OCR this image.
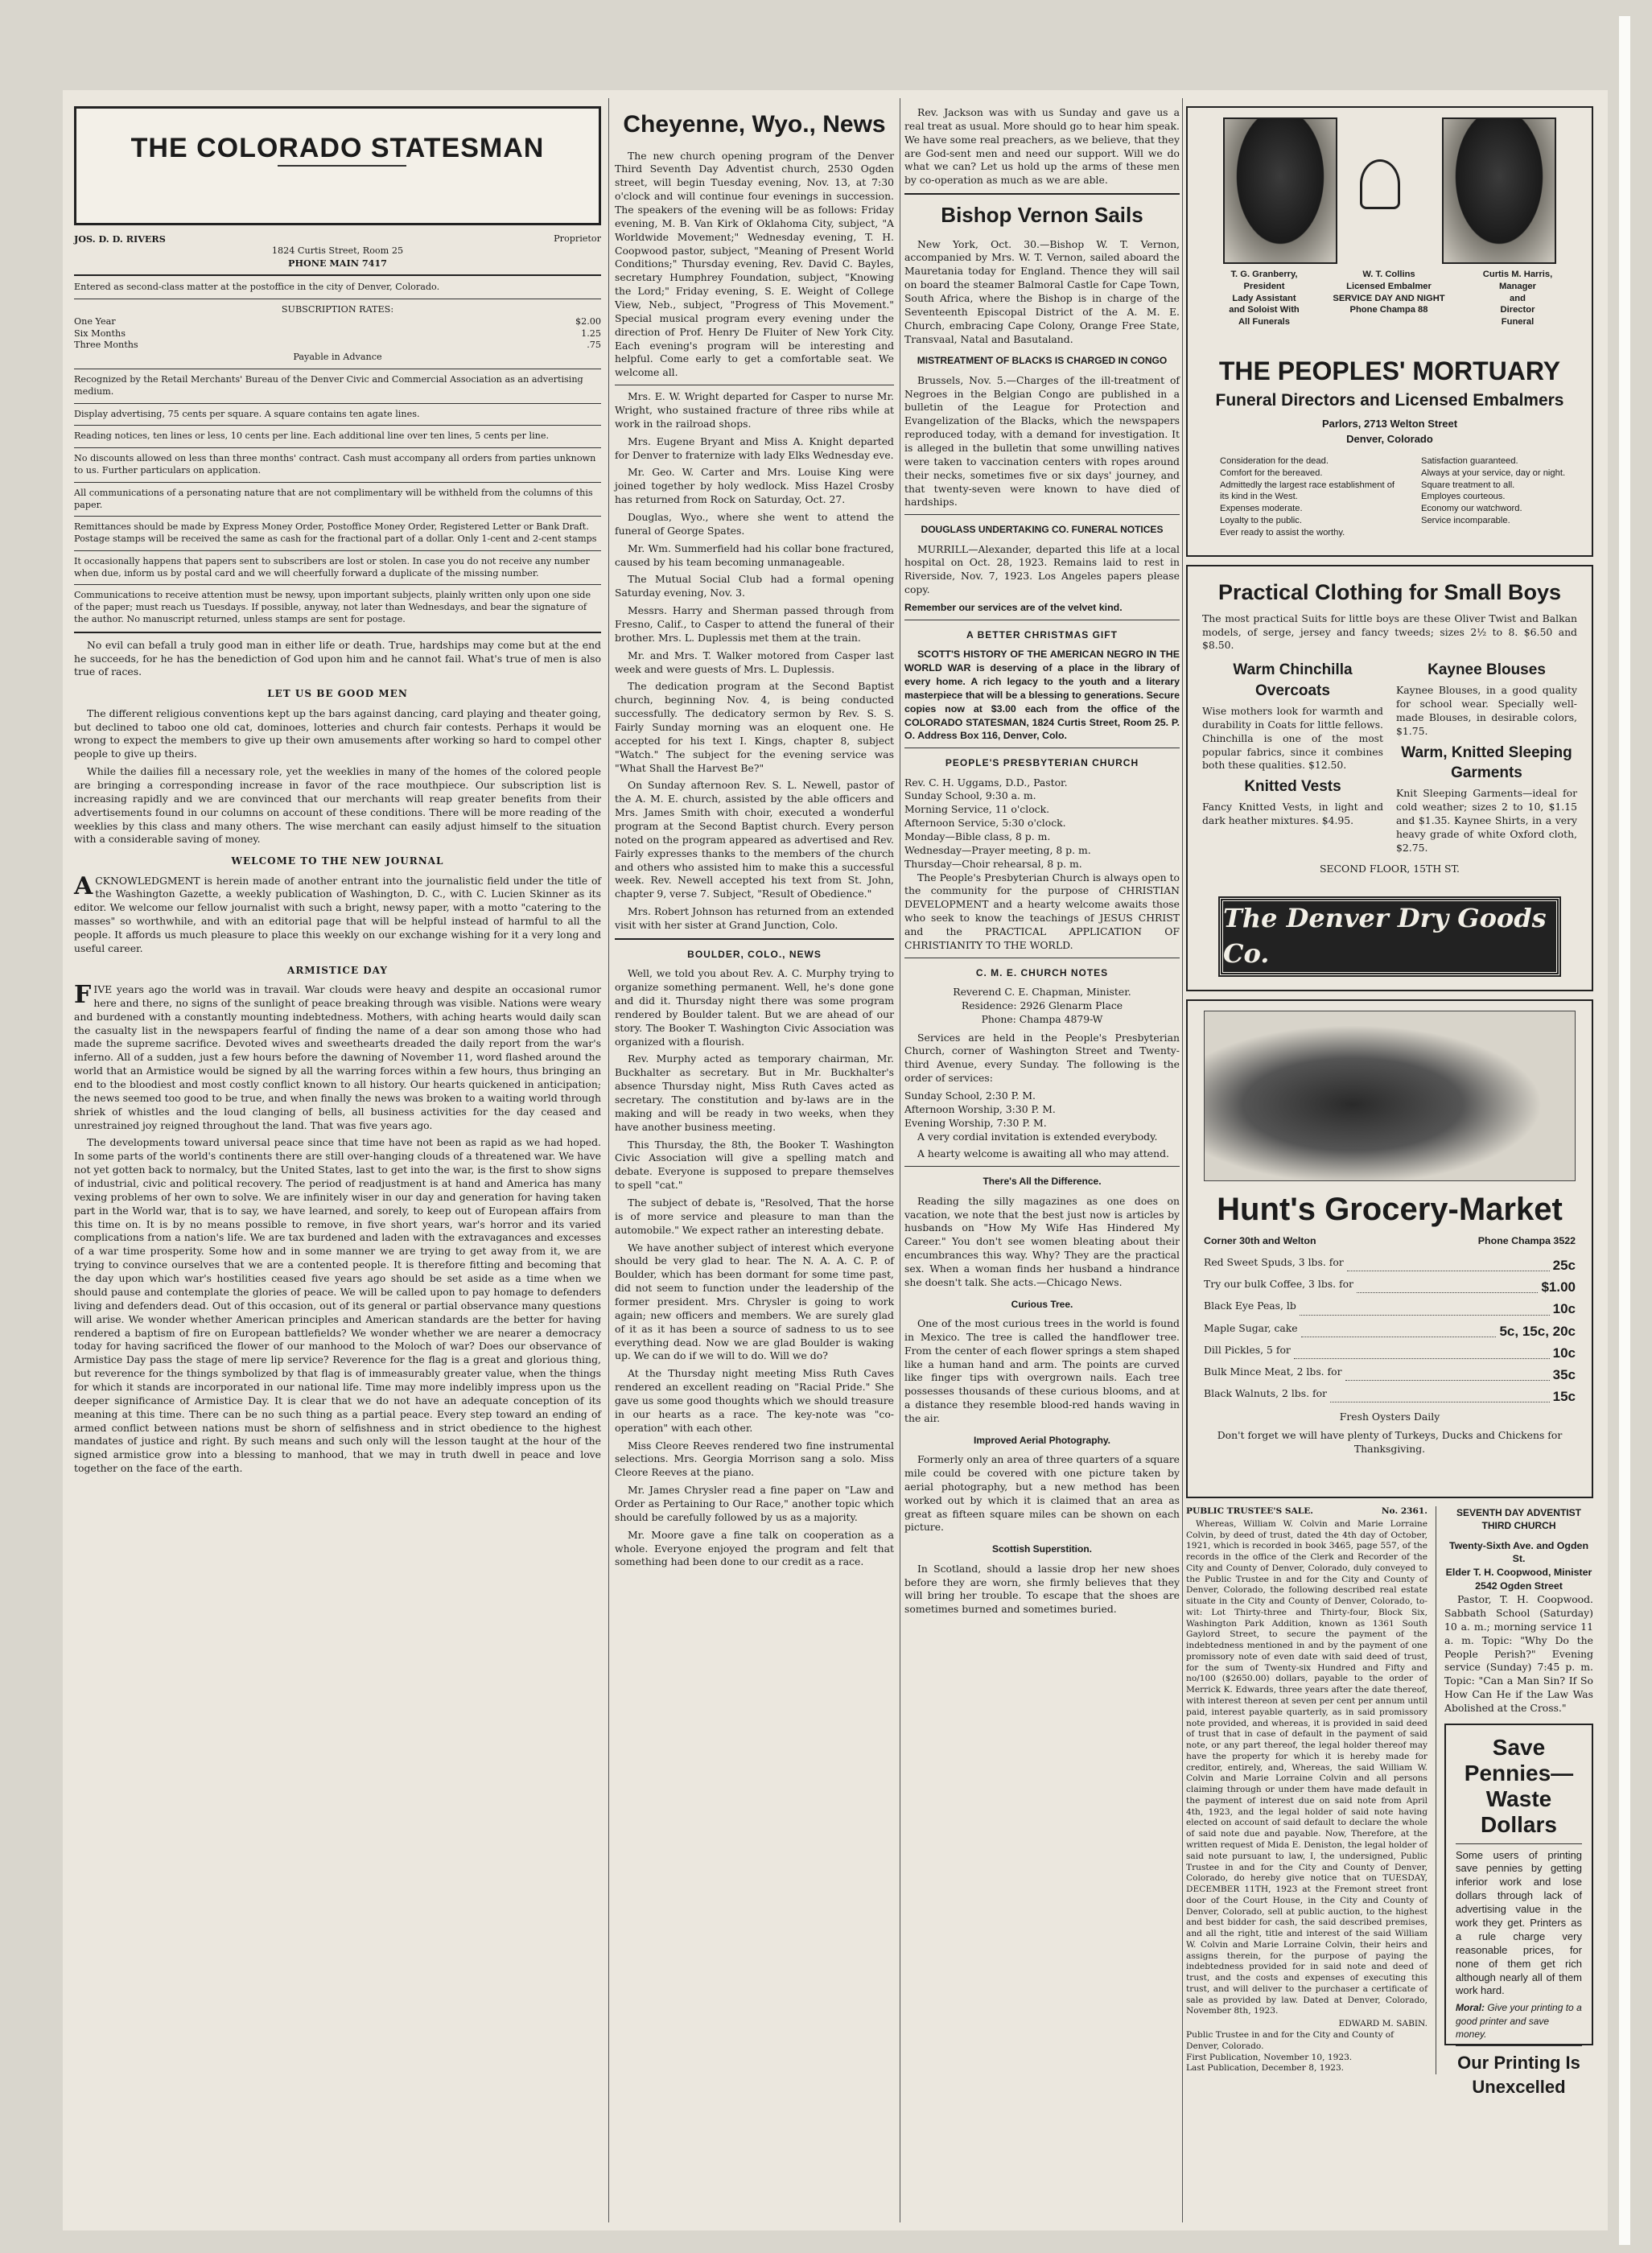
THE COLORADO STATESMAN
JOS. D. D. RIVERS	Proprietor
1824 Curtis Street, Room 25
PHONE MAIN 7417

Entered as second-class matter at the postoffice in the city of Denver, Colorado.

SUBSCRIPTION RATES:
One Year	$2.00
Six Months	1.25
Three Months	.75
Payable in Advance

Recognized by the Retail Merchants' Bureau of the Denver Civic and Commercial Association as an advertising medium.

Display advertising, 75 cents per square. A square contains ten agate lines.

Reading notices, ten lines or less, 10 cents per line. Each additional line over ten lines, 5 cents per line.

No discounts allowed on less than three months' contract. Cash must accompany all orders from parties unknown to us. Further particulars on application.

All communications of a personating nature that are not complimentary will be withheld from the columns of this paper.

Remittances should be made by Express Money Order, Postoffice Money Order, Registered Letter or Bank Draft. Postage stamps will be received the same as cash for the fractional part of a dollar. Only 1-cent and 2-cent stamps

It occasionally happens that papers sent to subscribers are lost or stolen. In case you do not receive any number when due, inform us by postal card and we will cheerfully forward a duplicate of the missing number.

Communications to receive attention must be newsy, upon important subjects, plainly written only upon one side of the paper; must reach us Tuesdays. If possible, anyway, not later than Wednesdays, and bear the signature of the author. No manuscript returned, unless stamps are sent for postage.

No evil can befall a truly good man in either life or death. True, hardships may come but at the end he succeeds, for he has the benediction of God upon him and he cannot fail. What's true of men is also true of races.

LET US BE GOOD MEN

The different religious conventions kept up the bars against dancing, card playing and theater going, but declined to taboo one old cat, dominoes, lotteries and church fair contests. Perhaps it would be wrong to expect the members to give up their own amusements after working so hard to compel other people to give up theirs.

While the dailies fill a necessary role, yet the weeklies in many of the homes of the colored people are bringing a corresponding increase in favor of the race mouthpiece. Our subscription list is increasing rapidly and we are convinced that our merchants will reap greater benefits from their advertisements found in our columns on account of these conditions. There will be more reading of the weeklies by this class and many others. The wise merchant can easily adjust himself to the situation with a considerable saving of money.

WELCOME TO THE NEW JOURNAL

ACKNOWLEDGMENT is herein made of another entrant into the journalistic field under the title of the Washington Gazette, a weekly publication of Washington, D. C., with C. Lucien Skinner as its editor. We welcome our fellow journalist with such a bright, newsy paper, with a motto "catering to the masses" so worthwhile, and with an editorial page that will be helpful instead of harmful to all the people. It affords us much pleasure to place this weekly on our exchange wishing for it a very long and useful career.

ARMISTICE DAY

FIVE years ago the world was in travail. War clouds were heavy and despite an occasional rumor here and there, no signs of the sunlight of peace breaking through was visible. Nations were weary and burdened with a constantly mounting indebtedness. Mothers, with aching hearts would daily scan the casualty list in the newspapers fearful of finding the name of a dear son among those who had made the supreme sacrifice. Devoted wives and sweethearts dreaded the daily report from the war's inferno. All of a sudden, just a few hours before the dawning of November 11, word flashed around the world that an Armistice would be signed by all the warring forces within a few hours, thus bringing an end to the bloodiest and most costly conflict known to all history. Our hearts quickened in anticipation; the news seemed too good to be true, and when finally the news was broken to a waiting world through shriek of whistles and the loud clanging of bells, all business activities for the day ceased and unrestrained joy reigned throughout the land. That was five years ago.

The developments toward universal peace since that time have not been as rapid as we had hoped. In some parts of the world's continents there are still over-hanging clouds of a threatened war. We have not yet gotten back to normalcy, but the United States, last to get into the war, is the first to show signs of industrial, civic and political recovery. The period of readjustment is at hand and America has many vexing problems of her own to solve. We are infinitely wiser in our day and generation for having taken part in the World war, that is to say, we have learned, and sorely, to keep out of European affairs from this time on. It is by no means possible to remove, in five short years, war's horror and its varied complications from a nation's life. We are tax burdened and laden with the extravagances and excesses of a war time prosperity. Some how and in some manner we are trying to get away from it, we are trying to convince ourselves that we are a contented people. It is therefore fitting and becoming that the day upon which war's hostilities ceased five years ago should be set aside as a time when we should pause and contemplate the glories of peace. We will be called upon to pay homage to defenders living and defenders dead. Out of this occasion, out of its general or partial observance many questions will arise. We wonder whether American principles and American standards are the better for having rendered a baptism of fire on European battlefields? We wonder whether we are nearer a democracy today for having sacrificed the flower of our manhood to the Moloch of war? Does our observance of Armistice Day pass the stage of mere lip service? Reverence for the flag is a great and glorious thing, but reverence for the things symbolized by that flag is of immeasurably greater value, when the things for which it stands are incorporated in our national life. Time may more indelibly impress upon us the deeper significance of Armistice Day. It is clear that we do not have an adequate conception of its meaning at this time. There can be no such thing as a partial peace. Every step toward an ending of armed conflict between nations must be shorn of selfishness and in strict obedience to the highest mandates of justice and right. By such means and such only will the lesson taught at the hour of the signed armistice grow into a blessing to manhood, that we may in truth dwell in peace and love together on the face of the earth.

Cheyenne, Wyo., News

The new church opening program of the Denver Third Seventh Day Adventist church, 2530 Ogden street, will begin Tuesday evening, Nov. 13, at 7:30 o'clock and will continue four evenings in succession. The speakers of the evening will be as follows: Friday evening, M. B. Van Kirk of Oklahoma City, subject, "A Worldwide Movement;" Wednesday evening, T. H. Coopwood pastor, subject, "Meaning of Present World Conditions;" Thursday evening, Rev. David C. Bayles, secretary Humphrey Foundation, subject, "Knowing the Lord;" Friday evening, S. E. Weight of College View, Neb., subject, "Progress of This Movement." Special musical program every evening under the direction of Prof. Henry De Fluiter of New York City. Each evening's program will be interesting and helpful. Come early to get a comfortable seat. We welcome all.

Mrs. E. W. Wright departed for Casper to nurse Mr. Wright, who sustained fracture of three ribs while at work in the railroad shops.

Mrs. Eugene Bryant and Miss A. Knight departed for Denver to fraternize with lady Elks Wednesday eve.

Mr. Geo. W. Carter and Mrs. Louise King were joined together by holy wedlock. Miss Hazel Crosby has returned from Rock on Saturday, Oct. 27.

Douglas, Wyo., where she went to attend the funeral of George Spates.

Mr. Wm. Summerfield had his collar bone fractured, caused by his team becoming unmanageable.

The Mutual Social Club had a formal opening Saturday evening, Nov. 3.

Messrs. Harry and Sherman passed through from Fresno, Calif., to Casper to attend the funeral of their brother. Mrs. L. Duplessis met them at the train.

Mr. and Mrs. T. Walker motored from Casper last week and were guests of Mrs. L. Duplessis.

The dedication program at the Second Baptist church, beginning Nov. 4, is being conducted successfully. The dedicatory sermon by Rev. S. S. Fairly Sunday morning was an eloquent one. He accepted for his text I. Kings, chapter 8, subject "Watch." The subject for the evening service was "What Shall the Harvest Be?"

On Sunday afternoon Rev. S. L. Newell, pastor of the A. M. E. church, assisted by the able officers and Mrs. James Smith with choir, executed a wonderful program at the Second Baptist church. Every person noted on the program appeared as advertised and Rev. Fairly expresses thanks to the members of the church and others who assisted him to make this a successful week. Rev. Newell accepted his text from St. John, chapter 9, verse 7. Subject, "Result of Obedience."

Mrs. Robert Johnson has returned from an extended visit with her sister at Grand Junction, Colo.

BOULDER, COLO., NEWS

Well, we told you about Rev. A. C. Murphy trying to organize something permanent. Well, he's done gone and did it. Thursday night there was some program rendered by Boulder talent. But we are ahead of our story. The Booker T. Washington Civic Association was organized with a flourish.

Rev. Murphy acted as temporary chairman, Mr. Buckhalter as secretary. But in Mr. Buckhalter's absence Thursday night, Miss Ruth Caves acted as secretary. The constitution and by-laws are in the making and will be ready in two weeks, when they have another business meeting.

This Thursday, the 8th, the Booker T. Washington Civic Association will give a spelling match and debate. Everyone is supposed to prepare themselves to spell "cat."

The subject of debate is, "Resolved, That the horse is of more service and pleasure to man than the automobile." We expect rather an interesting debate.

We have another subject of interest which everyone should be very glad to hear. The N. A. A. C. P. of Boulder, which has been dormant for some time past, did not seem to function under the leadership of the former president. Mrs. Chrysler is going to work again; new officers and members. We are surely glad of it as it has been a source of sadness to us to see everything dead. Now we are glad Boulder is waking up. We can do if we will to do. Will we do?

At the Thursday night meeting Miss Ruth Caves rendered an excellent reading on "Racial Pride." She gave us some good thoughts which we should treasure in our hearts as a race. The key-note was "co-operation" with each other.

Miss Cleore Reeves rendered two fine instrumental selections. Mrs. Georgia Morrison sang a solo. Miss Cleore Reeves at the piano.

Mr. James Chrysler read a fine paper on "Law and Order as Pertaining to Our Race," another topic which should be carefully followed by us as a majority.

Mr. Moore gave a fine talk on cooperation as a whole. Everyone enjoyed the program and felt that something had been done to our credit as a race.

Rev. Jackson was with us Sunday and gave us a real treat as usual. More should go to hear him speak. We have some real preachers, as we believe, that they are God-sent men and need our support. Will we do what we can? Let us hold up the arms of these men by co-operation as much as we are able.

Bishop Vernon Sails

New York, Oct. 30.—Bishop W. T. Vernon, accompanied by Mrs. W. T. Vernon, sailed aboard the Mauretania today for England. Thence they will sail on board the steamer Balmoral Castle for Cape Town, South Africa, where the Bishop is in charge of the Seventeenth Episcopal District of the A. M. E. Church, embracing Cape Colony, Orange Free State, Transvaal, Natal and Basutaland.

MISTREATMENT OF BLACKS IS CHARGED IN CONGO

Brussels, Nov. 5.—Charges of the ill-treatment of Negroes in the Belgian Congo are published in a bulletin of the League for Protection and Evangelization of the Blacks, which the newspapers reproduced today, with a demand for investigation. It is alleged in the bulletin that some unwilling natives were taken to vaccination centers with ropes around their necks, sometimes five or six days' journey, and that twenty-seven were known to have died of hardships.

DOUGLASS UNDERTAKING CO. FUNERAL NOTICES

MURRILL—Alexander, departed this life at a local hospital on Oct. 28, 1923. Remains laid to rest in Riverside, Nov. 7, 1923. Los Angeles papers please copy.

Remember our services are of the velvet kind.

A BETTER CHRISTMAS GIFT

SCOTT'S HISTORY OF THE AMERICAN NEGRO IN THE WORLD WAR is deserving of a place in the library of every home. A rich legacy to the youth and a literary masterpiece that will be a blessing to generations. Secure copies now at $3.00 each from the office of the COLORADO STATESMAN, 1824 Curtis Street, Room 25. P. O. Address Box 116, Denver, Colo.

PEOPLE'S PRESBYTERIAN CHURCH
Rev. C. H. Uggams, D.D., Pastor.
Sunday School, 9:30 a. m.
Morning Service, 11 o'clock.
Afternoon Service, 5:30 o'clock.
Monday—Bible class, 8 p. m.
Wednesday—Prayer meeting, 8 p. m.
Thursday—Choir rehearsal, 8 p. m.

The People's Presbyterian Church is always open to the community for the purpose of CHRISTIAN DEVELOPMENT and a hearty welcome awaits those who seek to know the teachings of JESUS CHRIST and the PRACTICAL APPLICATION OF CHRISTIANITY TO THE WORLD.

C. M. E. CHURCH NOTES
Reverend C. E. Chapman, Minister.
Residence: 2926 Glenarm Place
Phone: Champa 4879-W

Services are held in the People's Presbyterian Church, corner of Washington Street and Twenty-third Avenue, every Sunday. The following is the order of services:

Sunday School, 2:30 P. M.
Afternoon Worship, 3:30 P. M.
Evening Worship, 7:30 P. M.

A very cordial invitation is extended everybody.

A hearty welcome is awaiting all who may attend.

There's All the Difference.

Reading the silly magazines as one does on vacation, we note that the best just now is articles by husbands on "How My Wife Has Hindered My Career." You don't see women bleating about their encumbrances this way. Why? They are the practical sex. When a woman finds her husband a hindrance she doesn't talk. She acts.—Chicago News.

Curious Tree.

One of the most curious trees in the world is found in Mexico. The tree is called the handflower tree. From the center of each flower springs a stem shaped like a human hand and arm. The points are curved like finger tips with overgrown nails. Each tree possesses thousands of these curious blooms, and at a distance they resemble blood-red hands waving in the air.

Improved Aerial Photography.

Formerly only an area of three quarters of a square mile could be covered with one picture taken by aerial photography, but a new method has been worked out by which it is claimed that an area as great as fifteen square miles can be shown on each picture.

Scottish Superstition.

In Scotland, should a lassie drop her new shoes before they are worn, she firmly believes that they will bring her trouble. To escape that the shoes are sometimes burned and sometimes buried.

T. G. Granberry,
President
Lady Assistant
and Soloist With
All Funerals
W. T. Collins
Licensed Embalmer
SERVICE DAY AND NIGHT
Phone Champa 88
Curtis M. Harris,
Manager
and
Director
Funeral
THE PEOPLES' MORTUARY
Funeral Directors and Licensed Embalmers
Parlors, 2713 Welton Street
Denver, Colorado
Consideration for the dead.
Comfort for the bereaved.
Admittedly the largest race establishment of its kind in the West.
Expenses moderate.
Loyalty to the public.
Ever ready to assist the worthy.
Satisfaction guaranteed.
Always at your service, day or night.
Square treatment to all.
Employes courteous.
Economy our watchword.
Service incomparable.
Practical Clothing for Small Boys

The most practical Suits for little boys are these Oliver Twist and Balkan models, of serge, jersey and fancy tweeds; sizes 2½ to 8. $6.50 and $8.50.

Warm Chinchilla Overcoats

Wise mothers look for warmth and durability in Coats for little fellows. Chinchilla is one of the most popular fabrics, since it combines both these qualities. $12.50.

Knitted Vests

Fancy Knitted Vests, in light and dark heather mixtures. $4.95.

Kaynee Blouses

Kaynee Blouses, in a good quality for school wear. Specially well-made Blouses, in desirable colors, $1.75.

Warm, Knitted Sleeping Garments

Knit Sleeping Garments—ideal for cold weather; sizes 2 to 10, $1.15 and $1.35. Kaynee Shirts, in a very heavy grade of white Oxford cloth, $2.75.

SECOND FLOOR, 15TH ST.
The Denver Dry Goods Co.
Hunt's Grocery-Market
Corner 30th and Welton	Phone Champa 3522
Red Sweet Spuds, 3 lbs. for	25c
Try our bulk Coffee, 3 lbs. for	$1.00
Black Eye Peas, lb	10c
Maple Sugar, cake	5c, 15c, 20c
Dill Pickles, 5 for	10c
Bulk Mince Meat, 2 lbs. for	35c
Black Walnuts, 2 lbs. for	15c
Fresh Oysters Daily
Don't forget we will have plenty of Turkeys, Ducks and Chickens for Thanksgiving.
PUBLIC TRUSTEE'S SALE.	No. 2361.

Whereas, William W. Colvin and Marie Lorraine Colvin, by deed of trust, dated the 4th day of October, 1921, which is recorded in book 3465, page 557, of the records in the office of the Clerk and Recorder of the City and County of Denver, Colorado, duly conveyed to the Public Trustee in and for the City and County of Denver, Colorado, the following described real estate situate in the City and County of Denver, Colorado, to-wit: Lot Thirty-three and Thirty-four, Block Six, Washington Park Addition, known as 1361 South Gaylord Street, to secure the payment of the indebtedness mentioned in and by the payment of one promissory note of even date with said deed of trust, for the sum of Twenty-six Hundred and Fifty and no/100 ($2650.00) dollars, payable to the order of Merrick K. Edwards, three years after the date thereof, with interest thereon at seven per cent per annum until paid, interest payable quarterly, as in said promissory note provided, and whereas, it is provided in said deed of trust that in case of default in the payment of said note, or any part thereof, the legal holder thereof may have the property for which it is hereby made for creditor, entirely, and, Whereas, the said William W. Colvin and Marie Lorraine Colvin and all persons claiming through or under them have made default in the payment of interest due on said note from April 4th, 1923, and the legal holder of said note having elected on account of said default to declare the whole of said note due and payable. Now, Therefore, at the written request of Mida E. Deniston, the legal holder of said note pursuant to law, I, the undersigned, Public Trustee in and for the City and County of Denver, Colorado, do hereby give notice that on TUESDAY, DECEMBER 11TH, 1923 at the Fremont street front door of the Court House, in the City and County of Denver, Colorado, sell at public auction, to the highest and best bidder for cash, the said described premises, and all the right, title and interest of the said William W. Colvin and Marie Lorraine Colvin, their heirs and assigns therein, for the purpose of paying the indebtedness provided for in said note and deed of trust, and the costs and expenses of executing this trust, and will deliver to the purchaser a certificate of sale as provided by law. Dated at Denver, Colorado, November 8th, 1923.

EDWARD M. SABIN.
Public Trustee in and for the City and County of Denver, Colorado.
First Publication, November 10, 1923.
Last Publication, December 8, 1923.
SEVENTH DAY ADVENTIST THIRD CHURCH
Twenty-Sixth Ave. and Ogden St.
Elder T. H. Coopwood, Minister
2542 Ogden Street

Pastor, T. H. Coopwood. Sabbath School (Saturday) 10 a. m.; morning service 11 a. m. Topic: "Why Do the People Perish?" Evening service (Sunday) 7:45 p. m. Topic: "Can a Man Sin? If So How Can He if the Law Was Abolished at the Cross."

Save Pennies—
Waste Dollars

Some users of printing save pennies by getting inferior work and lose dollars through lack of advertising value in the work they get. Printers as a rule charge very reasonable prices, for none of them get rich although nearly all of them work hard.

Moral: Give your printing to a good printer and save money.

Our Printing Is
Unexcelled
